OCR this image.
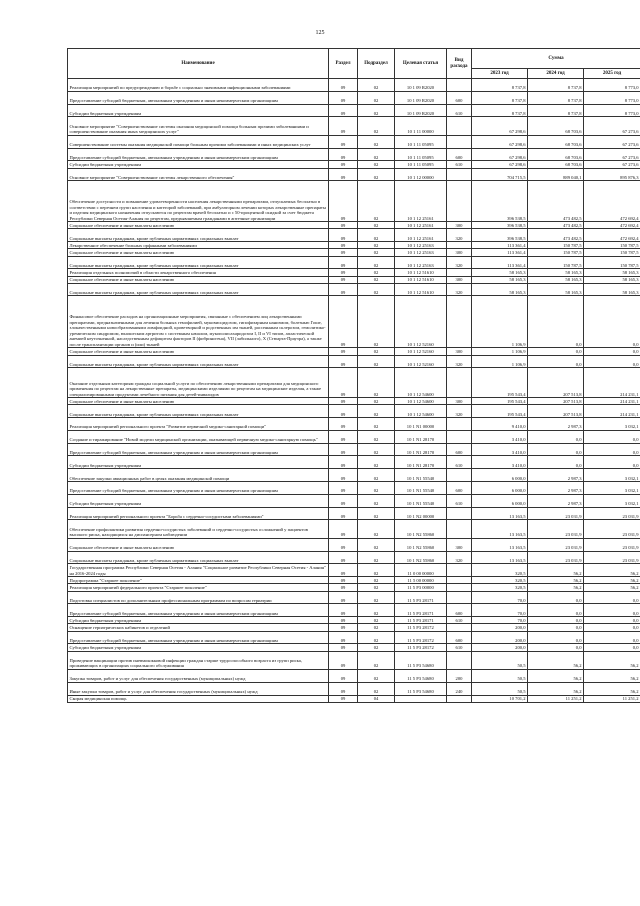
125
Наименование	Раздел	Подраздел	Целевая статья	Вид расхода	Сумма		
					2023 год	2024 год	2025 год
Реализация мероприятий по предупреждению и борьбе с социально значимыми инфекционными заболеваниями	09	02	10 1 09 R2020		8 737,8	8 737,8	8 773,0
Предоставление субсидий бюджетным, автономным учреждениям и иным некоммерческим организациям	09	02	10 1 09 R2020	600	8 737,8	8 737,8	8 773,0
Субсидии бюджетным учреждениям	09	02	10 1 09 R2020	610	8 737,8	8 737,8	8 773,0
Основное мероприятие "Совершенствование системы оказания медицинской помощи больным прочими заболеваниями и совершенствование оказания иных медицинских услуг"	09	02	10 1 11 00000		67 298,6	68 703,6	67 273,6
Совершенствование системы оказания медицинской помощи больным прочими заболеваниями и иных медицинских услуг	09	02	10 1 11 05095		67 298,6	68 703,6	67 273,6
Предоставление субсидий бюджетным, автономным учреждениям и иным некоммерческим организациям	09	02	10 1 11 05095	600	67 298,6	68 703,6	67 273,6
Субсидии бюджетным учреждениям	09	02	10 1 11 05095	610	67 298,6	68 703,6	67 273,6
Основное мероприятие "Совершенствование системы лекарственного обеспечения"	09	02	10 1 12 00000		704 715,5	889 040,1	895 876,3
Обеспечение доступности и повышение удовлетворенности населения лекарственными препаратами, отпускаемых бесплатно в соответствии с перечнем групп населения и категорий заболеваний, при амбулаторном лечении которых лекарственные препараты и изделия медицинского назначения отпускаются по рецептам врачей бесплатно и с 50-процентной скидкой за счет бюджета Республики Северная Осетия-Алания по рецептам, предъявляемым гражданами в аптечные организации	09	02	10 1 12 25161		396 538,5	473 482,5	472 692,4
Социальное обеспечение и иные выплаты населению	09	02	10 1 12 25161	300	396 538,5	473 482,5	472 692,4
Социальные выплаты гражданам, кроме публичных нормативных социальных выплат	09	02	10 1 12 25161	320	396 538,5	473 482,5	472 692,4
Лекарственное обеспечение больных орфанными заболеваниями	09	02	10 1 12 25163		113 361,4	150 787,5	150 787,5
Социальное обеспечение и иные выплаты населению	09	02	10 1 12 25163	300	113 361,4	150 787,5	150 787,5
Социальные выплаты гражданам, кроме публичных нормативных социальных выплат	09	02	10 1 12 25163	320	113 361,4	150 787,5	150 787,5
Реализация отдельных полномочий в области лекарственного обеспечения	09	02	10 1 12 51610		58 165,3	58 165,3	58 165,3
Социальное обеспечение и иные выплаты населению	09	02	10 1 12 51610	300	58 165,3	58 165,3	58 165,3
Социальные выплаты гражданам, кроме публичных нормативных социальных выплат	09	02	10 1 12 51610	320	58 165,3	58 165,3	58 165,3
Финансовое обеспечение расходов на организационные мероприятия, связанные с обеспечением лиц лекарственными препаратами, предназначенными для лечения больных гемофилией, муковисцидозом, гипофизарным нанизмом, болезнью Гоше, злокачественными новообразованиями лимфоидной, кроветворной и родственных им тканей, рассеянным склерозом, гемолитико-уремическим синдромом, юношеским артритом с системным началом, мукополисахаридозом I, II и VI типов, апластической анемией неуточненной, наследственным дефицитом факторов II (фибриногена), VII (лабильного), X (Стюарта-Прауэра), а также после трансплантации органов и (или) тканей	09	02	10 1 12 52160		1 106,9	0,0	0,0
Социальное обеспечение и иные выплаты населению	09	02	10 1 12 52160	300	1 106,9	0,0	0,0
Социальные выплаты гражданам, кроме публичных нормативных социальных выплат	09	02	10 1 12 52160	320	1 106,9	0,0	0,0
Оказание отдельным категориям граждан социальной услуги по обеспечению лекарственными препаратами для медицинского применения по рецептам на лекарственные препараты, медицинскими изделиями по рецептам на медицинские изделия, а также специализированными продуктами лечебного питания для детей-инвалидов	09	02	10 1 12 54600		195 543,4	207 513,8	214 231,1
Социальное обеспечение и иные выплаты населению	09	02	10 1 12 54600	300	195 543,4	207 513,8	214 231,1
Социальные выплаты гражданам, кроме публичных нормативных социальных выплат	09	02	10 1 12 54600	320	195 543,4	207 513,8	214 231,1
Реализация мероприятий регионального проекта "Развитие первичной медико-санитарной помощи"	09	02	10 1 N1 00000		9 410,0	2 987,3	3 032,1
Создание и тиражирование "Новой модели медицинской организации, оказывающей первичную медико-санитарную помощь"	09	02	10 1 N1 28170		3 410,0	0,0	0,0
Предоставление субсидий бюджетным, автономным учреждениям и иным некоммерческим организациям	09	02	10 1 N1 28170	600	3 410,0	0,0	0,0
Субсидии бюджетным учреждениям	09	02	10 1 N1 28170	610	3 410,0	0,0	0,0
Обеспечение закупки авиационных работ в целях оказания медицинской помощи	09	02	10 1 N1 55540		6 000,0	2 987,3	3 032,1
Предоставление субсидий бюджетным, автономным учреждениям и иным некоммерческим организациям	09	02	10 1 N1 55540	600	6 000,0	2 987,3	3 032,1
Субсидии бюджетным учреждениям	09	02	10 1 N1 55540	610	6 000,0	2 987,3	3 032,1
Реализация мероприятий регионального проекта "Борьба с сердечно-сосудистыми заболеваниями"	09	02	10 1 N2 00000		13 163,5	23 031,9	23 031,9
Обеспечение профилактики развития сердечно-сосудистых заболеваний и сердечно-сосудистых осложнений у пациентов высокого риска, находящихся на диспансерном наблюдении	09	02	10 1 N2 55860		13 163,5	23 031,9	23 031,9
Социальное обеспечение и иные выплаты населению	09	02	10 1 N2 55860	300	13 163,5	23 031,9	23 031,9
Социальные выплаты гражданам, кроме публичных нормативных социальных выплат	09	02	10 1 N2 55860	320	13 163,5	23 031,9	23 031,9
Государственная программа Республики Северная Осетия - Алания "Социальное развитие Республики Северная Осетия - Алания" на 2016-2024 годы	09	02	11 0 00 00000		320,5	56,2	56,2
Подпрограмма "Старшее поколение"	09	02	11 5 00 00000		320,5	56,2	56,2
Реализация мероприятий федерального проекта "Старшее поколение"	09	02	11 5 P3 00000		320,5	56,2	56,2
Подготовка специалистов по дополнительным профессиональным программам по вопросам гериатрии	09	02	11 5 P3 28171		70,0	0,0	0,0
Предоставление субсидий бюджетным, автономным учреждениям и иным некоммерческим организациям	09	02	11 5 P3 28171	600	70,0	0,0	0,0
Субсидии бюджетным учреждениям	09	02	11 5 P3 28171	610	70,0	0,0	0,0
Оснащение гериатрических кабинетов и отделений	09	02	11 5 P3 28172		200,0	0,0	0,0
Предоставление субсидий бюджетным, автономным учреждениям и иным некоммерческим организациям	09	02	11 5 P3 28172	600	200,0	0,0	0,0
Субсидии бюджетным учреждениям	09	02	11 5 P3 28172	610	200,0	0,0	0,0
Проведение вакцинации против пневмококковой инфекции граждан старше трудоспособного возраста из групп риска, проживающих в организациях социального обслуживания	09	02	11 5 P3 54680		50,5	56,2	56,2
Закупка товаров, работ и услуг для обеспечения государственных (муниципальных) нужд	09	02	11 5 P3 54680	200	50,5	56,2	56,2
Иные закупки товаров, работ и услуг для обеспечения государственных (муниципальных) нужд	09	02	11 5 P3 54680	240	50,5	56,2	56,2
Скорая медицинская помощь	09	04			10 701,2	11 251,2	11 251,2
